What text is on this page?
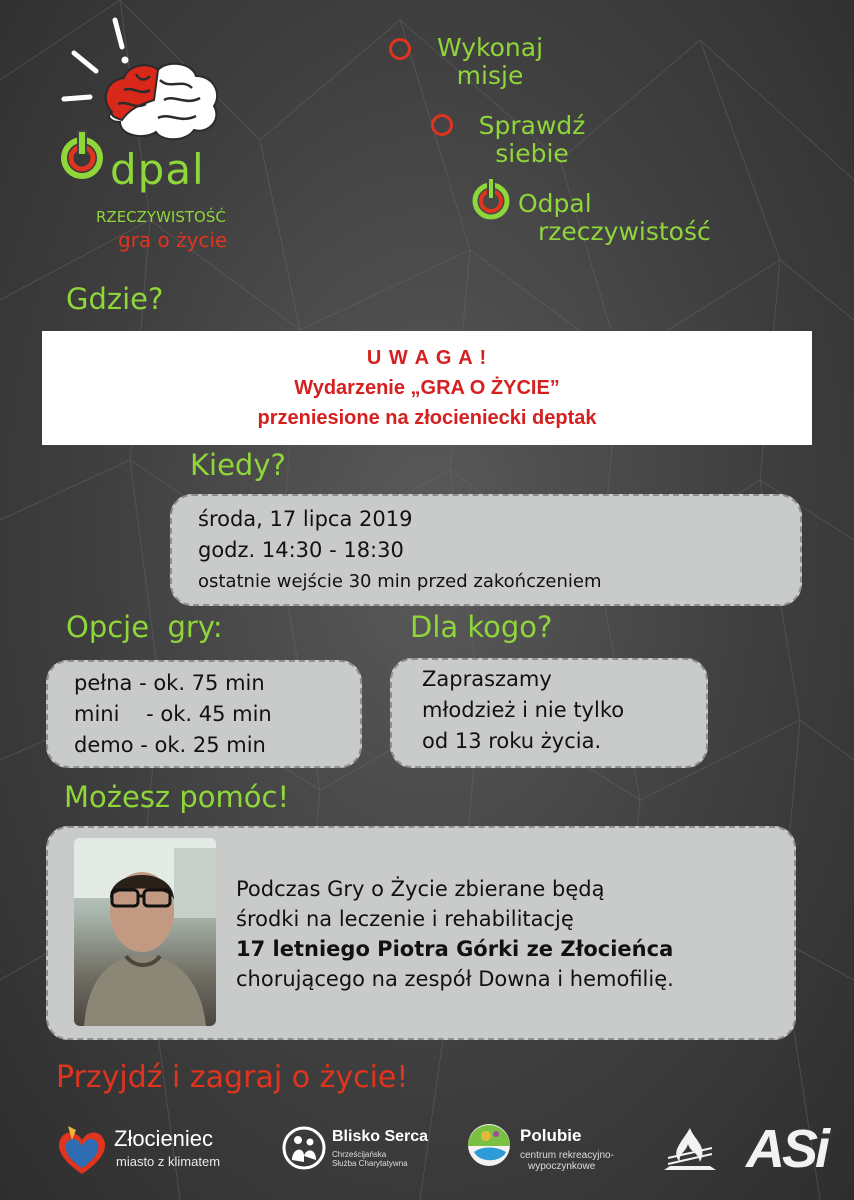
dpal
RZECZYWISTOŚĆ
gra o życie
Wykonaj
misje
Sprawdź
siebie
Odpal
rzeczywistość
Gdzie?
U W A G A !
Wydarzenie „GRA O ŻYCIE”
przeniesione na złocieniecki deptak
Kiedy?
środa, 17 lipca 2019
godz. 14:30 - 18:30
ostatnie wejście 30 min przed zakończeniem
Opcje  gry:
pełna - ok. 75 min
mini    - ok. 45 min
demo - ok. 25 min
Dla kogo?
Zapraszamy
młodzież i nie tylko
od 13 roku życia.
Możesz pomóc!
Podczas Gry o Życie zbierane będą
środki na leczenie i rehabilitację
17 letniego Piotra Górki ze Złocieńca
chorującego na zespół Downa i hemofilię.
Przyjdź i zagraj o życie!
Złocieniec
miasto z klimatem
Blisko Serca
Chrześcijańska
Służba Charytatywna
Polubie
centrum rekreacyjno-
wypoczynkowe	ASi
